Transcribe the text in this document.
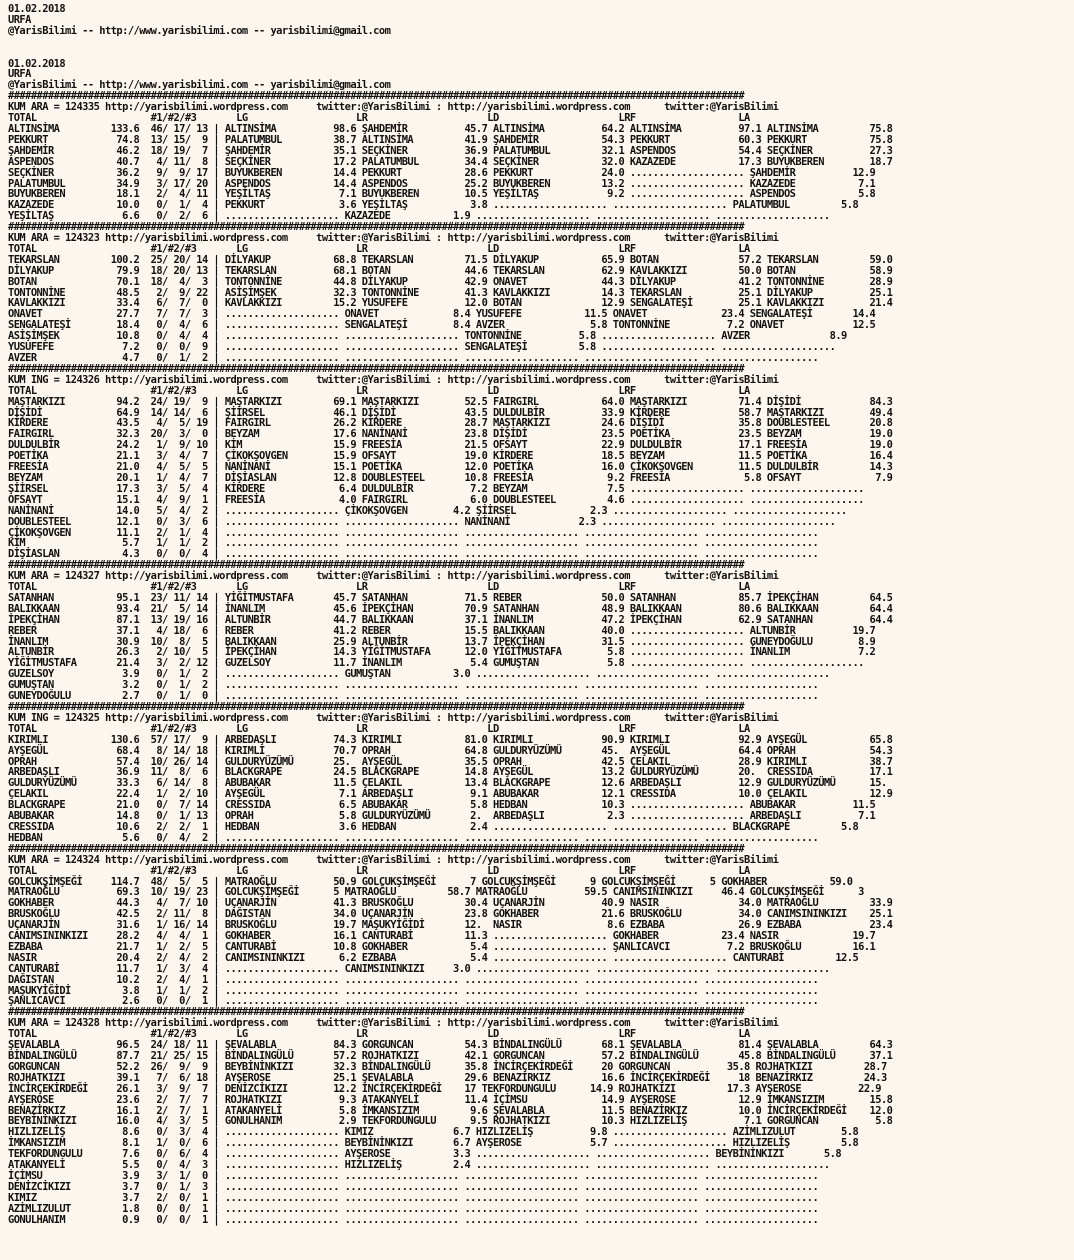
01.02.2018
URFA
@YarisBilimi -- http://www.yarisbilimi.com -- yarisbilimi@gmail.com

01.02.2018
URFA
@YarisBilimi -- http://www.yarisbilimi.com -- yarisbilimi@gmail.com

#################################################################################################################################
KUM ARA = 124335 http://yarisbilimi.wordpress.com     twitter:@YarisBilimi : http://yarisbilimi.wordpress.com      twitter:@YarisBilimi
TOTAL                    #1/#2/#3       LG                   LR                     LD                     LRF                  LA
ALTINSİMA         133.6  46/ 17/ 13 | ALTINSİMA          98.6 ŞAHDEMİR          45.7 ALTINSİMA          64.2 ALTINSİMA          97.1 ALTINSİMA         75.8
PEKKURT            74.8  13/ 15/  9 | PALATUMBUL         38.7 ALTINSİMA         41.9 ŞAHDEMİR           54.3 PEKKURT            60.3 PEKKURT           75.8
ŞAHDEMİR           46.2  18/ 19/  7 | ŞAHDEMİR           35.1 SEÇKİNER          36.9 PALATUMBUL         32.1 ASPENDOS           54.4 SEÇKİNER          27.3
ASPENDOS           40.7   4/ 11/  8 | SEÇKİNER           17.2 PALATUMBUL        34.4 SEÇKİNER           32.0 KAZAZEDE           17.3 BUYUKBEREN        18.7
SEÇKİNER           36.2   9/  9/ 17 | BUYUKBEREN         14.4 PEKKURT           28.6 PEKKURT            24.0 .................... ŞAHDEMİR          12.9
PALATUMBUL         34.9   3/ 17/ 20 | ASPENDOS           14.4 ASPENDOS          25.2 BUYUKBEREN         13.2 .................... KAZAZEDE           7.1
BUYUKBEREN         18.1   2/  4/ 11 | YEŞİLTAŞ            7.1 BUYUKBEREN        10.5 YEŞİLTAŞ            9.2 .................... ASPENDOS           5.8
KAZAZEDE           10.0   0/  1/  4 | PEKKURT             3.6 YEŞİLTAŞ           3.8 .................... .................... PALATUMBUL         5.8
YEŞİLTAŞ            6.6   0/  2/  6 | .................... KAZAZEDE           1.9 .................... .................... ....................

#################################################################################################################################
KUM ARA = 124323 http://yarisbilimi.wordpress.com     twitter:@YarisBilimi : http://yarisbilimi.wordpress.com      twitter:@YarisBilimi
TOTAL                    #1/#2/#3       LG                   LR                     LD                     LRF                  LA
TEKARSLAN         100.2  25/ 20/ 14 | DİLYAKUP           68.8 TEKARSLAN         71.5 DİLYAKUP           65.9 BOTAN              57.2 TEKARSLAN         59.0
DİLYAKUP           79.9  18/ 20/ 13 | TEKARSLAN          68.1 BOTAN             44.6 TEKARSLAN          62.9 KAVLAKKIZI         50.0 BOTAN             58.9
BOTAN              70.1  18/  4/  3 | TONTONNİNE         44.8 DİLYAKUP          42.9 ONAVET             44.3 DİLYAKUP           41.2 TONTONNİNE        28.9
TONTONNİNE         48.5   2/  9/ 22 | ASİŞİMŞEK          32.3 TONTONNİNE        41.3 KAVLAKKIZI         14.3 TEKARSLAN          25.1 DİLYAKUP          25.1
KAVLAKKIZI         33.4   6/  7/  0 | KAVLAKKIZI         15.2 YUSUFEFE          12.0 BOTAN              12.9 SENGALATEŞİ        25.1 KAVLAKKIZI        21.4
ONAVET             27.7   7/  7/  3 | .................... ONAVET             8.4 YUSUFEFE           11.5 ONAVET             23.4 SENGALATEŞİ       14.4
SENGALATEŞİ        18.4   0/  4/  6 | .................... SENGALATEŞİ        8.4 AVZER               5.8 TONTONNİNE          7.2 ONAVET            12.5
ASİŞİMŞEK          10.8   0/  4/  4 | .................... .................... TONTONNİNE          5.8 .................... AVZER              8.9
YUSUFEFE            7.2   0/  0/  9 | .................... .................... SENGALATEŞİ         5.8 .................... ....................
AVZER               4.7   0/  1/  2 | .................... .................... .................... .................... ....................

#################################################################################################################################
KUM ING = 124326 http://yarisbilimi.wordpress.com     twitter:@YarisBilimi : http://yarisbilimi.wordpress.com      twitter:@YarisBilimi
TOTAL                    #1/#2/#3       LG                   LR                     LD                     LRF                  LA
MAŞTARKIZI         94.2  24/ 19/  9 | MAŞTARKIZI         69.1 MAŞTARKIZI        52.5 FAIRGIRL           64.0 MAŞTARKIZI         71.4 DİŞİDİ            84.3
DİŞİDİ             64.9  14/ 14/  6 | ŞİİRSEL            46.1 DİŞİDİ            43.5 DULDULBİR          33.9 KİRDERE            58.7 MAŞTARKIZI        49.4
KİRDERE            43.5   4/  5/ 19 | FAIRGIRL           26.2 KİRDERE           28.7 MAŞTARKIZI         24.6 DİŞİDİ             35.8 DOUBLESTEEL       20.8
FAIRGIRL           32.3  20/  3/  0 | BEYZAM             17.6 NANİNANİ          23.8 DİŞİDİ             23.5 POETİKA            23.5 BEYZAM            19.0
DULDULBİR          24.2   1/  9/ 10 | KİM                15.9 FREESİA           21.5 OFSAYT             22.9 DULDULBİR          17.1 FREESİA           19.0
POETİKA            21.1   3/  4/  7 | ÇİKOKŞOVGEN        15.9 OFSAYT            19.0 KİRDERE            18.5 BEYZAM             11.5 POETİKA           16.4
FREESİA            21.0   4/  5/  5 | NANİNANİ           15.1 POETİKA           12.0 POETİKA            16.0 ÇİKOKŞOVGEN        11.5 DULDULBİR         14.3
BEYZAM             20.1   1/  4/  7 | DİŞİASLAN          12.8 DOUBLESTEEL       10.8 FREESİA             9.2 FREESİA             5.8 OFSAYT             7.9
ŞİİRSEL            17.3   3/  5/  4 | KİRDERE             6.4 DULDULBİR          7.2 BEYZAM              7.5 .................... ....................
OFSAYT             15.1   4/  9/  1 | FREESİA             4.0 FAIRGIRL           6.0 DOUBLESTEEL         4.6 .................... ....................
NANİNANİ           14.0   5/  4/  2 | .................... ÇİKOKŞOVGEN        4.2 ŞİİRSEL             2.3 .................... ....................
DOUBLESTEEL        12.1   0/  3/  6 | .................... .................... NANİNANİ            2.3 .................... ....................
ÇİKOKŞOVGEN        11.1   2/  1/  4 | .................... .................... .................... .................... ....................
KİM                 5.7   1/  1/  2 | .................... .................... .................... .................... ....................
DİŞİASLAN           4.3   0/  0/  4 | .................... .................... .................... .................... ....................

#################################################################################################################################
KUM ARA = 124327 http://yarisbilimi.wordpress.com     twitter:@YarisBilimi : http://yarisbilimi.wordpress.com      twitter:@YarisBilimi
TOTAL                    #1/#2/#3       LG                   LR                     LD                     LRF                  LA
SATANHAN           95.1  23/ 11/ 14 | YİĞİTMUSTAFA       45.7 SATANHAN          71.5 REBER              50.0 SATANHAN           85.7 İPEKÇİHAN         64.5
BALIKKAAN          93.4  21/  5/ 14 | İNANLIM            45.6 İPEKÇİHAN         70.9 SATANHAN           48.9 BALIKKAAN          80.6 BALIKKAAN         64.4
İPEKÇİHAN          87.1  13/ 19/ 16 | ALTUNBİR           44.7 BALIKKAAN         37.1 İNANLIM            47.2 İPEKÇİHAN          62.9 SATANHAN          64.4
REBER              37.1   4/ 18/  6 | REBER              41.2 REBER             15.5 BALIKKAAN          40.0 .................... ALTUNBİR          19.7
İNANLIM            30.9  10/  8/  5 | BALIKKAAN          25.9 ALTUNBİR          13.7 İPEKÇİHAN          31.5 .................... GUNEYDOĞULU        8.9
ALTUNBİR           26.3   2/ 10/  5 | İPEKÇİHAN          14.3 YİĞİTMUSTAFA      12.0 YİĞİTMUSTAFA        5.8 .................... İNANLIM            7.2
YİĞİTMUSTAFA       21.4   3/  2/ 12 | GUZELSOY           11.7 İNANLIM            5.4 GUMUŞTAN            5.8 .................... ....................
GUZELSOY            3.9   0/  1/  2 | .................... GUMUŞTAN           3.0 .................... .................... ....................
GUMUŞTAN            3.2   0/  1/  2 | .................... .................... .................... .................... ....................
GUNEYDOĞULU         2.7   0/  1/  0 | .................... .................... .................... .................... ....................

#################################################################################################################################
KUM ING = 124325 http://yarisbilimi.wordpress.com     twitter:@YarisBilimi : http://yarisbilimi.wordpress.com      twitter:@YarisBilimi
TOTAL                    #1/#2/#3       LG                   LR                     LD                     LRF                  LA
KIRIMLI           130.6  57/ 17/  9 | ARBEDAŞLI          74.3 KIRIMLI           81.0 KIRIMLI            90.9 KIRIMLI            92.9 AYŞEGÜL           65.8
AYŞEGÜL            68.4   8/ 14/ 18 | KIRIMLI            70.7 OPRAH             64.8 GULDURYÜZÜMÜ       45.  AYŞEGÜL            64.4 OPRAH             54.3
OPRAH              57.4  10/ 26/ 14 | GULDURYÜZÜMÜ       25.  AYŞEGÜL           35.5 OPRAH              42.5 ÇELAKIL            28.9 KIRIMLI           38.7
ARBEDAŞLI          36.9  11/  8/  6 | BLACKGRAPE         24.5 BLACKGRAPE        14.8 AYŞEGÜL            13.2 GULDURYÜZÜMÜ       20.  CRESSIDA          17.1
GULDURYÜZÜMÜ       33.3   6/ 14/  8 | ABUBAKAR           11.5 ÇELAKIL           13.4 BLACKGRAPE         12.6 ARBEDAŞLI          12.9 GULDURYÜZÜMÜ      15.
ÇELAKIL            22.4   1/  2/ 10 | AYŞEGÜL             7.1 ARBEDAŞLI          9.1 ABUBAKAR           12.1 CRESSIDA           10.0 ÇELAKIL           12.9
BLACKGRAPE         21.0   0/  7/ 14 | CRESSIDA            6.5 ABUBAKAR           5.8 HEDBAN             10.3 .................... ABUBAKAR          11.5
ABUBAKAR           14.8   0/  1/ 13 | OPRAH               5.8 GULDURYÜZÜMÜ       2.  ARBEDAŞLI           2.3 .................... ARBEDAŞLI          7.1
CRESSIDA           10.6   2/  2/  1 | HEDBAN              3.6 HEDBAN             2.4 .................... .................... BLACKGRAPE         5.8
HEDBAN              5.6   0/  4/  2 | .................... .................... .................... .................... ....................

#################################################################################################################################
KUM ARA = 124324 http://yarisbilimi.wordpress.com     twitter:@YarisBilimi : http://yarisbilimi.wordpress.com      twitter:@YarisBilimi
TOTAL                    #1/#2/#3       LG                   LR                     LD                     LRF                  LA
GOLCUKŞİMŞEĞİ     114.7  48/  5/  5 | MATRAOĞLU          50.9 GOLCUKŞİMŞEĞİ      7 GOLCUKŞİMŞEĞİ      9 GOLCUKŞİMŞEĞİ      5 GOKHABER           59.0
MATRAOĞLU          69.3  10/ 19/ 23 | GOLCUKŞİMŞEĞİ      5 MATRAOĞLU         58.7 MATRAOĞLU          59.5 CANIMSININKIZI     46.4 GOLCUKŞİMŞEĞİ      3
GOKHABER           44.3   4/  7/ 10 | UÇANARJİN          41.3 BRUSKOĞLU         30.4 UÇANARJİN          40.9 NASIR              34.0 MATRAOĞLU         33.9
BRUSKOĞLU          42.5   2/ 11/  8 | DAĞISTAN           34.0 UÇANARJİN         23.8 GOKHABER           21.6 BRUSKOĞLU          34.0 CANIMSININKIZI    25.1
UÇANARJİN          31.6   1/ 16/ 14 | BRUSKOĞLU          19.7 MAŞUKYİĞİDİ       12.  NASIR               8.6 EZBABA             26.9 EZBABA            23.4
CANIMSININKIZI     28.2   4/  4/  1 | GOKHABER           16.1 CANTURABİ         11.3 .................... GOKHABER           23.4 NASIR             19.7
EZBABA             21.7   1/  2/  5 | CANTURABİ          10.8 GOKHABER           5.4 .................... ŞANLICAVCI          7.2 BRUSKOĞLU         16.1
NASIR              20.4   2/  4/  2 | CANIMSININKIZI      6.2 EZBABA             5.4 .................... .................... CANTURABİ         12.5
CANTURABİ          11.7   1/  3/  4 | .................... CANIMSININKIZI     3.0 .................... .................... ....................
DAĞISTAN           10.2   2/  4/  1 | .................... .................... .................... .................... ....................
MAŞUKYİĞİDİ         3.8   1/  1/  2 | .................... .................... .................... .................... ....................
ŞANLICAVCI          2.6   0/  0/  1 | .................... .................... .................... .................... ....................

#################################################################################################################################
KUM ARA = 124328 http://yarisbilimi.wordpress.com     twitter:@YarisBilimi : http://yarisbilimi.wordpress.com      twitter:@YarisBilimi
TOTAL                    #1/#2/#3       LG                   LR                     LD                     LRF                  LA
ŞEVALABLA          96.5  24/ 18/ 11 | ŞEVALABLA          84.3 GORGUNCAN         54.3 BİNDALINGÜLÜ       68.1 ŞEVALABLA          81.4 ŞEVALABLA         64.3
BİNDALINGÜLÜ       87.7  21/ 25/ 15 | BİNDALINGÜLÜ       57.2 ROJHATKIZI        42.1 GORGUNCAN          57.2 BİNDALINGÜLÜ       45.8 BİNDALINGÜLÜ      37.1
GORGUNCAN          52.2  26/  9/  9 | BEYBİNİNKIZI       32.3 BİNDALINGÜLÜ      35.8 İNCİRÇEKİRDEĞİ     20 GORGUNCAN          35.8 ROJHATKIZI         28.7
ROJHATKIZI         39.1   7/  6/ 18 | AYŞEROSE           25.1 ŞEVALABLA         29.6 BENAZİRKIZ         16.6 İNCİRÇEKİRDEĞİ     18 BENAZİRKIZ         24.3
İNCİRÇEKİRDEĞİ     26.1   3/  9/  7 | DENİZCİKIZI        12.2 İNCİRÇEKİRDEĞİ    17 TEKFORDUNGULU      14.9 ROJHATKIZI         17.3 AYŞEROSE          22.9
AYŞEROSE           23.6   2/  7/  7 | ROJHATKIZI          9.3 ATAKANYELİ        11.4 İÇİMSU             14.9 AYŞEROSE           12.9 İMKANSIZIM        15.8
BENAZİRKIZ         16.1   2/  7/  1 | ATAKANYELİ          5.8 İMKANSIZIM         9.6 ŞEVALABLA          11.5 BENAZİRKIZ         10.0 İNCİRÇEKİRDEĞİ    12.0
BEYBİNİNKIZI       16.0   4/  3/  5 | GONULHANIM          2.9 TEKFORDUNGULU      9.5 ROJHATKIZI         10.3 HIZLIZELİŞ          7.1 GORGUNCAN          5.8
HIZLIZELİŞ          8.6   0/  3/  4 | .................... KIMIZ              6.7 HIZLIZELİŞ          9.8 .................... AZİMLIZULUT        5.8
İMKANSIZIM          8.1   1/  0/  6 | .................... BEYBİNİNKIZI       6.7 AYŞEROSE            5.7 .................... HIZLIZELİŞ         5.8
TEKFORDUNGULU       7.6   0/  6/  4 | .................... AYŞEROSE           3.3 .................... .................... BEYBİNİNKIZI       5.8
ATAKANYELİ          5.5   0/  4/  3 | .................... HIZLIZELİŞ         2.4 .................... .................... ....................
İÇİMSU              3.9   3/  1/  0 | .................... .................... .................... .................... ....................
DENİZCİKIZI         3.7   0/  1/  3 | .................... .................... .................... .................... ....................
KIMIZ               3.7   2/  0/  1 | .................... .................... .................... .................... ....................
AZİMLIZULUT         1.8   0/  0/  1 | .................... .................... .................... .................... ....................
GONULHANIM          0.9   0/  0/  1 | .................... .................... .................... .................... ....................
